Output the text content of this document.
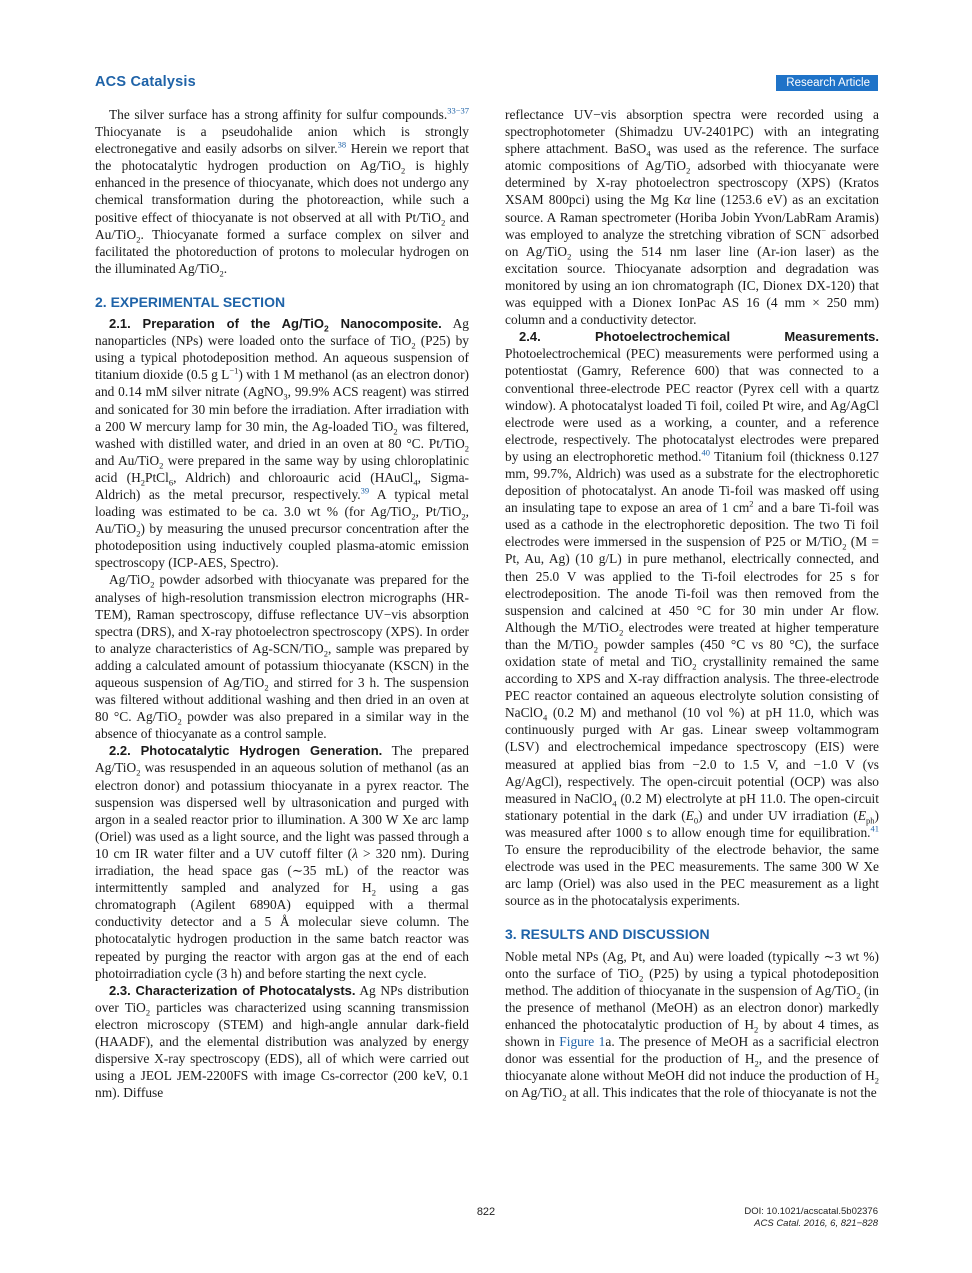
ACS Catalysis	Research Article

The silver surface has a strong affinity for sulfur compounds.$^{33-37}$ Thiocyanate is a pseudohalide anion which is strongly electronegative and easily adsorbs on silver.$^{38}$ Herein we report that the photocatalytic hydrogen production on Ag/TiO$_2$ is highly enhanced in the presence of thiocyanate, which does not undergo any chemical transformation during the photoreaction, while such a positive effect of thiocyanate is not observed at all with Pt/TiO$_2$ and Au/TiO$_2$. Thiocyanate formed a surface complex on silver and facilitated the photoreduction of protons to molecular hydrogen on the illuminated Ag/TiO$_2$.

2. EXPERIMENTAL SECTION

2.1. Preparation of the Ag/TiO$_2$ Nanocomposite. Ag nanoparticles (NPs) were loaded onto the surface of TiO$_2$ (P25) by using a typical photodeposition method. An aqueous suspension of titanium dioxide (0.5 g $L^{-1}$) with 1 M methanol (as an electron donor) and 0.14 mM silver nitrate (AgNO$_3$, 99.9% ACS reagent) was stirred and sonicated for 30 min before the irradiation. After irradiation with a 200 W mercury lamp for 30 min, the Ag-loaded TiO$_2$ was filtered, washed with distilled water, and dried in an oven at 80 °C. Pt/TiO$_2$ and Au/TiO$_2$ were prepared in the same way by using chloroplatinic acid ($H_2PtCl_6$, Aldrich) and chloroauric acid (HAuCl$_4$, Sigma-Aldrich) as the metal precursor, respectively.$^{39}$ A typical metal loading was estimated to be ca. 3.0 wt % (for Ag/TiO$_2$, Pt/TiO$_2$, Au/TiO$_2$) by measuring the unused precursor concentration after the photodeposition using inductively coupled plasma-atomic emission spectroscopy (ICP-AES, Spectro).

Ag/TiO$_2$ powder adsorbed with thiocyanate was prepared for the analyses of high-resolution transmission electron micrographs (HR-TEM), Raman spectroscopy, diffuse reflectance UV−vis absorption spectra (DRS), and X-ray photoelectron spectroscopy (XPS). In order to analyze characteristics of Ag-SCN/TiO$_2$, sample was prepared by adding a calculated amount of potassium thiocyanate (KSCN) in the aqueous suspension of Ag/TiO$_2$ and stirred for 3 h. The suspension was filtered without additional washing and then dried in an oven at 80 °C. Ag/TiO$_2$ powder was also prepared in a similar way in the absence of thiocyanate as a control sample.

2.2. Photocatalytic Hydrogen Generation. The prepared Ag/TiO$_2$ was resuspended in an aqueous solution of methanol (as an electron donor) and potassium thiocyanate in a pyrex reactor. The suspension was dispersed well by ultrasonication and purged with argon in a sealed reactor prior to illumination. A 300 W Xe arc lamp (Oriel) was used as a light source, and the light was passed through a 10 cm IR water filter and a UV cutoff filter (λ > 320 nm). During irradiation, the head space gas (∼35 mL) of the reactor was intermittently sampled and analyzed for $H_2$ using a gas chromatograph (Agilent 6890A) equipped with a thermal conductivity detector and a 5 Å molecular sieve column. The photocatalytic hydrogen production in the same batch reactor was repeated by purging the reactor with argon gas at the end of each photoirradiation cycle (3 h) and before starting the next cycle.

2.3. Characterization of Photocatalysts. Ag NPs distribution over TiO$_2$ particles was characterized using scanning transmission electron microscopy (STEM) and high-angle annular dark-field (HAADF), and the elemental distribution was analyzed by energy dispersive X-ray spectroscopy (EDS), all of which were carried out using a JEOL JEM-2200FS with image Cs-corrector (200 keV, 0.1 nm). Diffuse

reflectance UV−vis absorption spectra were recorded using a spectrophotometer (Shimadzu UV-2401PC) with an integrating sphere attachment. BaSO$_4$ was used as the reference. The surface atomic compositions of Ag/TiO$_2$ adsorbed with thiocyanate were determined by X-ray photoelectron spectroscopy (XPS) (Kratos XSAM 800pci) using the Mg Kα line (1253.6 eV) as an excitation source. A Raman spectrometer (Horiba Jobin Yvon/LabRam Aramis) was employed to analyze the stretching vibration of SCN− adsorbed on Ag/TiO$_2$ using the 514 nm laser line (Ar-ion laser) as the excitation source. Thiocyanate adsorption and degradation was monitored by using an ion chromatograph (IC, Dionex DX-120) that was equipped with a Dionex IonPac AS 16 (4 mm × 250 mm) column and a conductivity detector.

2.4. Photoelectrochemical Measurements. Photoelectrochemical (PEC) measurements were performed using a potentiostat (Gamry, Reference 600) that was connected to a conventional three-electrode PEC reactor (Pyrex cell with a quartz window). A photocatalyst loaded Ti foil, coiled Pt wire, and Ag/AgCl electrode were used as a working, a counter, and a reference electrode, respectively. The photocatalyst electrodes were prepared by using an electrophoretic method.$^{40}$ Titanium foil (thickness 0.127 mm, 99.7%, Aldrich) was used as a substrate for the electrophoretic deposition of photocatalyst. An anode Ti-foil was masked off using an insulating tape to expose an area of 1 $cm^2$ and a bare Ti-foil was used as a cathode in the electrophoretic deposition. The two Ti foil electrodes were immersed in the suspension of P25 or M/TiO$_2$ (M = Pt, Au, Ag) (10 g/L) in pure methanol, electrically connected, and then 25.0 V was applied to the Ti-foil electrodes for 25 s for electrodeposition. The anode Ti-foil was then removed from the suspension and calcined at 450 °C for 30 min under Ar flow. Although the M/TiO$_2$ electrodes were treated at higher temperature than the M/TiO$_2$ powder samples (450 °C vs 80 °C), the surface oxidation state of metal and TiO$_2$ crystallinity remained the same according to XPS and X-ray diffraction analysis. The three-electrode PEC reactor contained an aqueous electrolyte solution consisting of NaClO$_4$ (0.2 M) and methanol (10 vol %) at pH 11.0, which was continuously purged with Ar gas. Linear sweep voltammogram (LSV) and electrochemical impedance spectroscopy (EIS) were measured at applied bias from −2.0 to 1.5 V, and −1.0 V (vs Ag/AgCl), respectively. The open-circuit potential (OCP) was also measured in NaClO$_4$ (0.2 M) electrolyte at pH 11.0. The open-circuit stationary potential in the dark $(E_0)$ and under UV irradiation $(E_{ph})$ was measured after 1000 s to allow enough time for equilibration.$^{41}$ To ensure the reproducibility of the electrode behavior, the same electrode was used in the PEC measurements. The same 300 W Xe arc lamp (Oriel) was also used in the PEC measurement as a light source as in the photocatalysis experiments.

3. RESULTS AND DISCUSSION

Noble metal NPs (Ag, Pt, and Au) were loaded (typically ∼3 wt %) onto the surface of TiO$_2$ (P25) by using a typical photodeposition method. The addition of thiocyanate in the suspension of Ag/TiO$_2$ (in the presence of methanol (MeOH) as an electron donor) markedly enhanced the photocatalytic production of $H_2$ by about 4 times, as shown in Figure 1a. The presence of MeOH as a sacrificial electron donor was essential for the production of $H_2$, and the presence of thiocyanate alone without MeOH did not induce the production of $H_2$ on Ag/TiO$_2$ at all. This indicates that the role of thiocyanate is not the

822	DOI: 10.1021/acscatal.5b02376
ACS Catal. 2016, 6, 821−828
